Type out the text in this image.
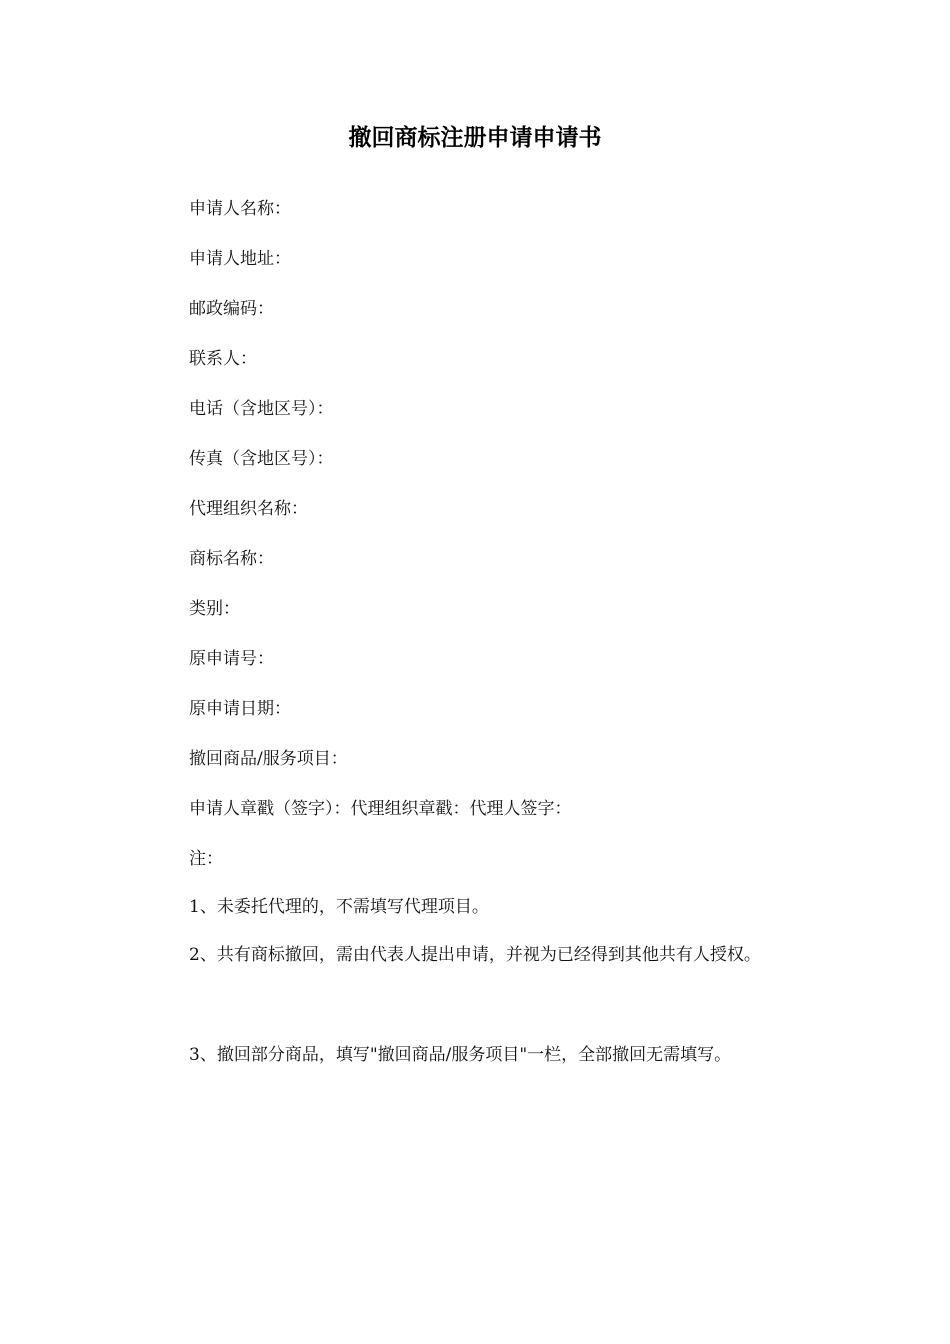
撤回商标注册申请申请书
申请人名称：
申请人地址：
邮政编码：
联系人：
电话（含地区号）：
传真（含地区号）：
代理组织名称：
商标名称：
类别：
原申请号：
原申请日期：
撤回商品/服务项目：
申请人章戳（签字）：代理组织章戳：代理人签字：
注：
1、未委托代理的，不需填写代理项目。
2、共有商标撤回，需由代表人提出申请，并视为已经得到其他共有人授权。
3、撤回部分商品，填写"撤回商品/服务项目"一栏，全部撤回无需填写。
